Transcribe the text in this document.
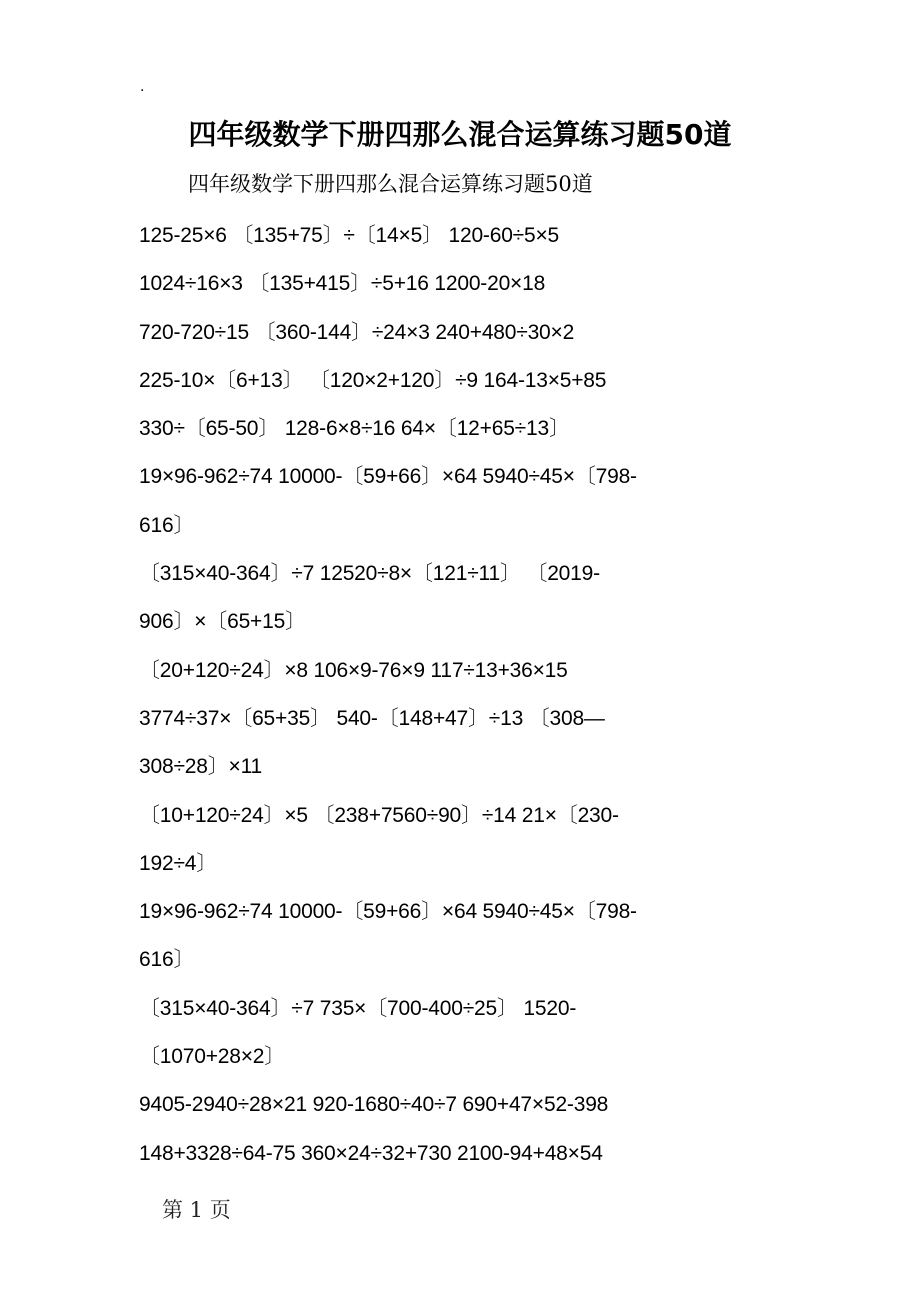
.
四年级数学下册四那么混合运算练习题50道
四年级数学下册四那么混合运算练习题50道
125-25×6 〔135+75〕÷〔14×5〕 120-60÷5×5
1024÷16×3 〔135+415〕÷5+16 1200-20×18
720-720÷15 〔360-144〕÷24×3 240+480÷30×2
225-10×〔6+13〕 〔120×2+120〕÷9 164-13×5+85
330÷〔65-50〕 128-6×8÷16 64×〔12+65÷13〕
19×96-962÷74 10000-〔59+66〕×64 5940÷45×〔798-
616〕
〔315×40-364〕÷7 12520÷8×〔121÷11〕 〔2019-
906〕×〔65+15〕
〔20+120÷24〕×8 106×9-76×9 117÷13+36×15
3774÷37×〔65+35〕 540-〔148+47〕÷13 〔308—
308÷28〕×11
〔10+120÷24〕×5 〔238+7560÷90〕÷14 21×〔230-
192÷4〕
19×96-962÷74 10000-〔59+66〕×64 5940÷45×〔798-
616〕
〔315×40-364〕÷7 735×〔700-400÷25〕 1520-
〔1070+28×2〕
9405-2940÷28×21 920-1680÷40÷7 690+47×52-398
148+3328÷64-75 360×24÷32+730 2100-94+48×54
第 1 页
